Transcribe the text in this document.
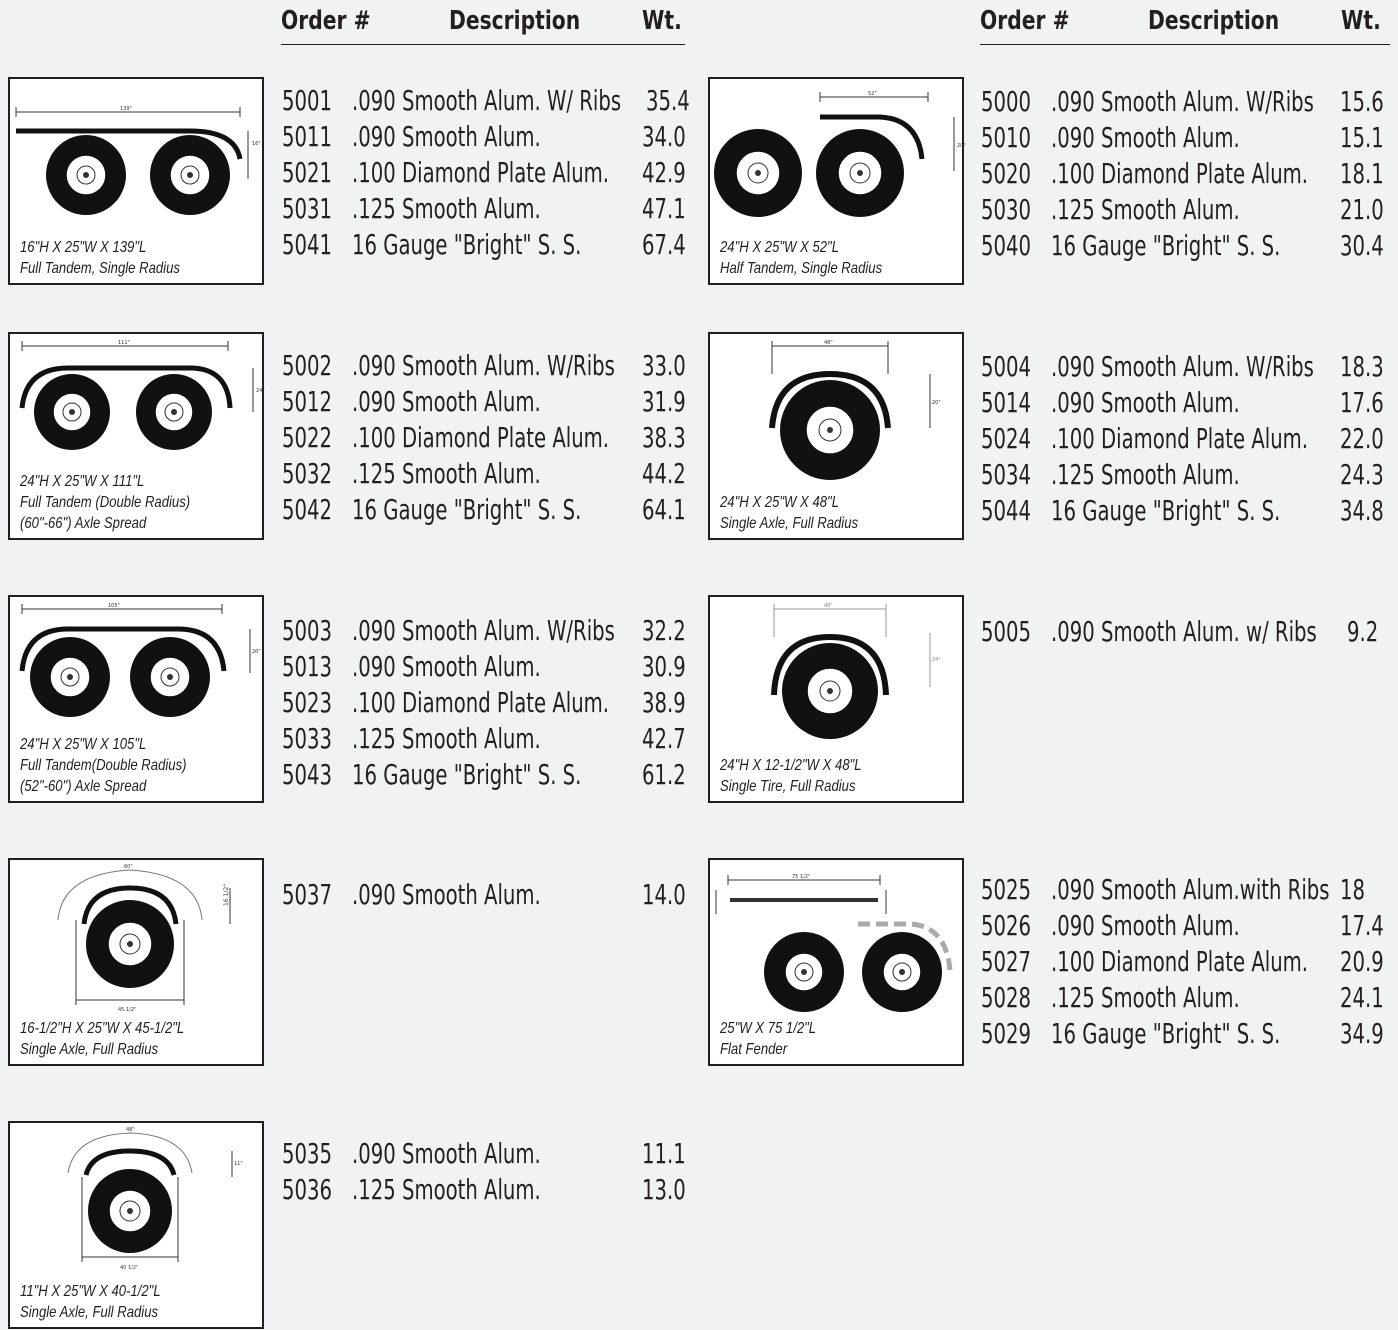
Order #	Description Wt.	Order #	Description Wt.
139"
16"
16"H X 25"W X 139"L
Full Tandem, Single Radius
5001 .090 Smooth Alum. W/ Ribs 35.4
5011 .090 Smooth Alum.	34.0
5021 .100 Diamond Plate Alum. 42.9
5031 .125 Smooth Alum.	47.1
5041 16 Gauge "Bright" S. S. 67.4
52"
20"
24"H X 25"W X 52"L
Half Tandem, Single Radius
5000 .090 Smooth Alum. W/Ribs 15.6
5010 .090 Smooth Alum.	15.1
5020 .100 Diamond Plate Alum. 18.1
5030 .125 Smooth Alum.	21.0
5040 16 Gauge "Bright" S. S. 30.4
111"
24"
24"H X 25"W X 111"L
Full Tandem (Double Radius)
(60"-66") Axle Spread
5002 .090 Smooth Alum. W/Ribs 33.0
5012 .090 Smooth Alum.	31.9
5022 .100 Diamond Plate Alum. 38.3
5032 .125 Smooth Alum.	44.2
5042 16 Gauge "Bright" S. S. 64.1
48"
20"
24"H X 25"W X 48"L
Single Axle, Full Radius
5004 .090 Smooth Alum. W/Ribs 18.3
5014 .090 Smooth Alum.	17.6
5024 .100 Diamond Plate Alum. 22.0
5034 .125 Smooth Alum.	24.3
5044 16 Gauge "Bright" S. S. 34.8
105"
20"
24"H X 25"W X 105"L
Full Tandem(Double Radius)
(52"-60") Axle Spread
5003 .090 Smooth Alum. W/Ribs 32.2
5013 .090 Smooth Alum.	30.9
5023 .100 Diamond Plate Alum. 38.9
5033 .125 Smooth Alum.	42.7
5043 16 Gauge "Bright" S. S. 61.2
48"
24"
24"H X 12-1/2"W X 48"L
Single Tire, Full Radius
5005 .090 Smooth Alum. w/ Ribs 9.2
60"
16 1/2"
45 1/2"
16-1/2"H X 25"W X 45-1/2"L
Single Axle, Full Radius
5037 .090 Smooth Alum.	14.0
75 1/2"
25"W X 75 1/2"L
Flat Fender
5025 .090 Smooth Alum.with Ribs 18
5026 .090 Smooth Alum.	17.4
5027 .100 Diamond Plate Alum. 20.9
5028 .125 Smooth Alum.	24.1
5029 16 Gauge "Bright" S. S. 34.9
48"
11"
40 1/2"
11"H X 25"W X 40-1/2"L
Single Axle, Full Radius
5035 .090 Smooth Alum.	11.1
5036 .125 Smooth Alum.	13.0
